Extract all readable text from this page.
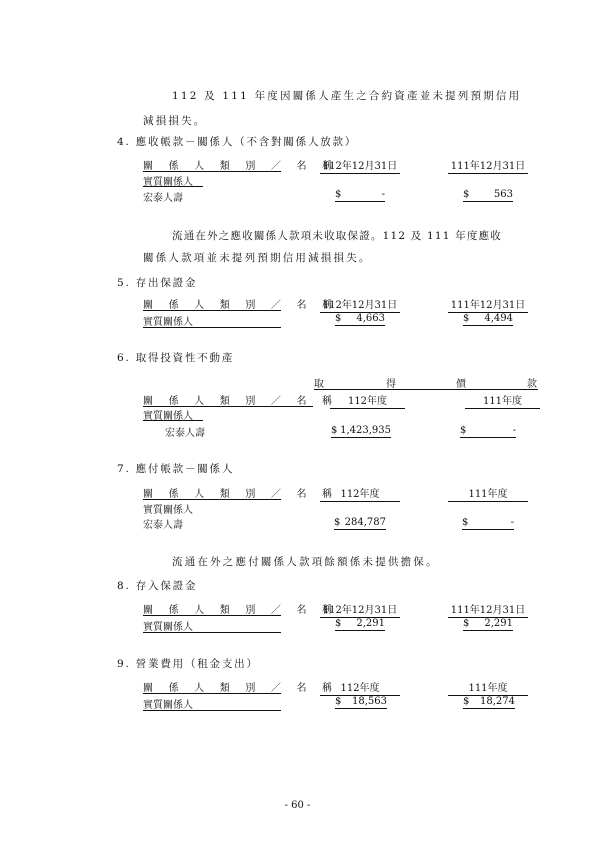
112 及 111 年度因關係人產生之合約資產並未提列預期信用
減損損失。
4. 應收帳款－關係人（不含對關係人放款）
關 係 人 類 別 ／ 名 稱
112年12月31日	111年12月31日
實質關係人
宏泰人壽	$	-	$ 563
流通在外之應收關係人款項未收取保證。112 及 111 年度應收
關係人款項並未提列預期信用減損損失。
5. 存出保證金
關 係 人 類 別 ／ 名 稱
112年12月31日	111年12月31日
實質關係人	$ 4,663	$ 4,494
6. 取得投資性不動產
取	得	價	款
關 係 人 類 別 ／ 名 稱 112年度	111年度
實質關係人
宏泰人壽	$ 1,423,935	$	-
7. 應付帳款－關係人
關 係 人 類 別 ／ 名 稱 112年度	111年度
實質關係人
宏泰人壽	$ 284,787	$	-
流通在外之應付關係人款項餘額係未提供擔保。
8. 存入保證金
關 係 人 類 別 ／ 名 稱
112年12月31日	111年12月31日
實質關係人	$ 2,291	$ 2,291
9. 營業費用（租金支出）
關 係 人 類 別 ／ 名 稱 112年度	111年度
實質關係人	$ 18,563	$ 18,274
- 60 -
